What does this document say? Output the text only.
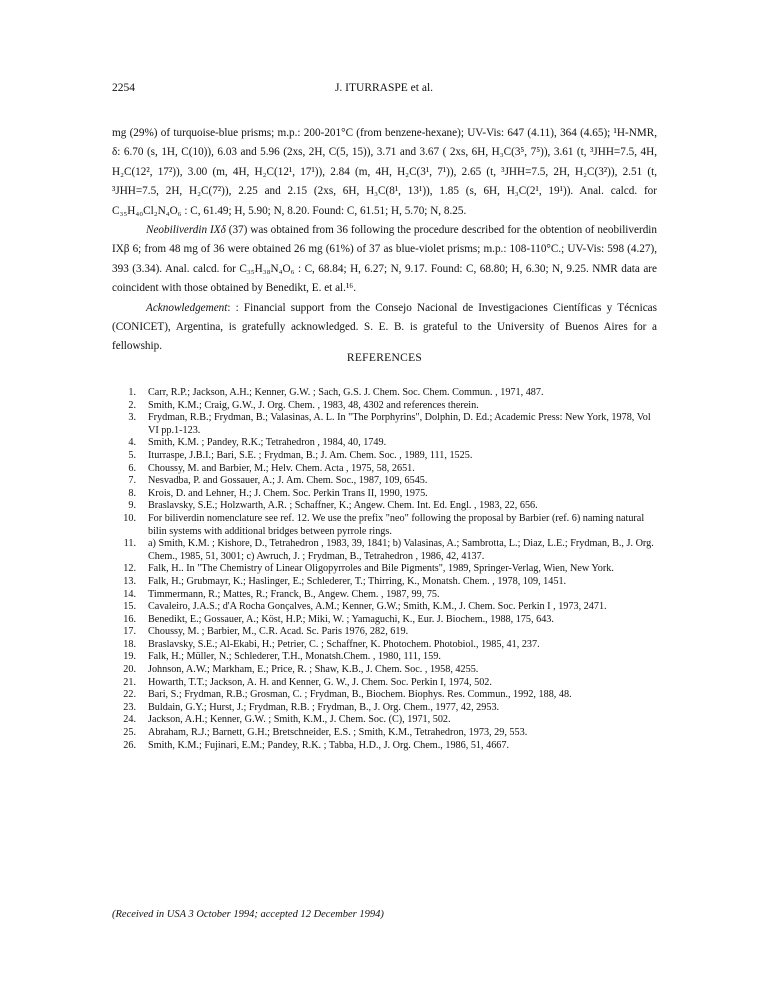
2254	J. ITURRASPE et al.

mg (29%) of turquoise-blue prisms; m.p.: 200-201°C (from benzene-hexane); UV-Vis: 647 (4.11), 364 (4.65); ¹H-NMR, δ: 6.70 (s, 1H, C(10)), 6.03 and 5.96 (2xs, 2H, C(5, 15)), 3.71 and 3.67 ( 2xs, 6H, H₃C(3⁵, 7⁵)), 3.61 (t, ³JHH=7.5, 4H, H₂C(12², 17²)), 3.00 (m, 4H, H₂C(12¹, 17¹)), 2.84 (m, 4H, H₂C(3¹, 7¹)), 2.65 (t, ³JHH=7.5, 2H, H₂C(3²)), 2.51 (t, ³JHH=7.5, 2H, H₂C(7²)), 2.25 and 2.15 (2xs, 6H, H₃C(8¹, 13¹)), 1.85 (s, 6H, H₃C(2¹, 19¹)). Anal. calcd. for C₃₅H₄₀Cl₂N₄O₆ : C, 61.49; H, 5.90; N, 8.20. Found: C, 61.51; H, 5.70; N, 8.25.

Neobiliverdin IXδ (37) was obtained from 36 following the procedure described for the obtention of neobiliverdin IXβ 6; from 48 mg of 36 were obtained 26 mg (61%) of 37 as blue-violet prisms; m.p.: 108-110°C.; UV-Vis: 598 (4.27), 393 (3.34). Anal. calcd. for C₃₅H₃₈N₄O₆ : C, 68.84; H, 6.27; N, 9.17. Found: C, 68.80; H, 6.30; N, 9.25. NMR data are coincident with those obtained by Benedikt, E. et al.¹⁶.

Acknowledgement: : Financial support from the Consejo Nacional de Investigaciones Científicas y Técnicas (CONICET), Argentina, is gratefully acknowledged. S. E. B. is grateful to the University of Buenos Aires for a fellowship.

REFERENCES
1. Carr, R.P.; Jackson, A.H.; Kenner, G.W. ; Sach, G.S. J. Chem. Soc. Chem. Commun. , 1971, 487.
2. Smith, K.M.; Craig, G.W., J. Org. Chem. , 1983, 48, 4302 and references therein.
3. Frydman, R.B.; Frydman, B.; Valasinas, A. L. In "The Porphyrins", Dolphin, D. Ed.; Academic Press: New York, 1978, Vol VI pp.1-123.
4. Smith, K.M. ; Pandey, R.K.; Tetrahedron , 1984, 40, 1749.
5. Iturraspe, J.B.I.; Bari, S.E. ; Frydman, B.; J. Am. Chem. Soc. , 1989, 111, 1525.
6. Choussy, M. and Barbier, M.; Helv. Chem. Acta , 1975, 58, 2651.
7. Nesvadba, P. and Gossauer, A.; J. Am. Chem. Soc., 1987, 109, 6545.
8. Krois, D. and Lehner, H.; J. Chem. Soc. Perkin Trans II, 1990, 1975.
9. Braslavsky, S.E.; Holzwarth, A.R. ; Schaffner, K.; Angew. Chem. Int. Ed. Engl. , 1983, 22, 656.
10. For biliverdin nomenclature see ref. 12. We use the prefix "neo" following the proposal by Barbier (ref. 6) naming natural bilin systems with additional bridges between pyrrole rings.
11. a) Smith, K.M. ; Kishore, D., Tetrahedron , 1983, 39, 1841; b) Valasinas, A.; Sambrotta, L.; Diaz, L.E.; Frydman, B., J. Org. Chem., 1985, 51, 3001; c) Awruch, J. ; Frydman, B., Tetrahedron , 1986, 42, 4137.
12. Falk, H.. In "The Chemistry of Linear Oligopyrroles and Bile Pigments", 1989, Springer-Verlag, Wien, New York.
13. Falk, H.; Grubmayr, K.; Haslinger, E.; Schlederer, T.; Thirring, K., Monatsh. Chem. , 1978, 109, 1451.
14. Timmermann, R.; Mattes, R.; Franck, B., Angew. Chem. , 1987, 99, 75.
15. Cavaleiro, J.A.S.; d'A Rocha Gonçalves, A.M.; Kenner, G.W.; Smith, K.M., J. Chem. Soc. Perkin I , 1973, 2471.
16. Benedikt, E.; Gossauer, A.; Köst, H.P.; Miki, W. ; Yamaguchi, K., Eur. J. Biochem., 1988, 175, 643.
17. Choussy, M. ; Barbier, M., C.R. Acad. Sc. Paris 1976, 282, 619.
18. Braslavsky, S.E.; Al-Ekabi, H.; Petrier, C. ; Schaffner, K. Photochem. Photobiol., 1985, 41, 237.
19. Falk, H.; Müller, N.; Schlederer, T.H., Monatsh.Chem. , 1980, 111, 159.
20. Johnson, A.W.; Markham, E.; Price, R. ; Shaw, K.B., J. Chem. Soc. , 1958, 4255.
21. Howarth, T.T.; Jackson, A. H. and Kenner, G. W., J. Chem. Soc. Perkin I, 1974, 502.
22. Bari, S.; Frydman, R.B.; Grosman, C. ; Frydman, B., Biochem. Biophys. Res. Commun., 1992, 188, 48.
23. Buldain, G.Y.; Hurst, J.; Frydman, R.B. ; Frydman, B., J. Org. Chem., 1977, 42, 2953.
24. Jackson, A.H.; Kenner, G.W. ; Smith, K.M., J. Chem. Soc. (C), 1971, 502.
25. Abraham, R.J.; Barnett, G.H.; Bretschneider, E.S. ; Smith, K.M., Tetrahedron, 1973, 29, 553.
26. Smith, K.M.; Fujinari, E.M.; Pandey, R.K. ; Tabba, H.D., J. Org. Chem., 1986, 51, 4667.
(Received in USA 3 October 1994; accepted 12 December 1994)
